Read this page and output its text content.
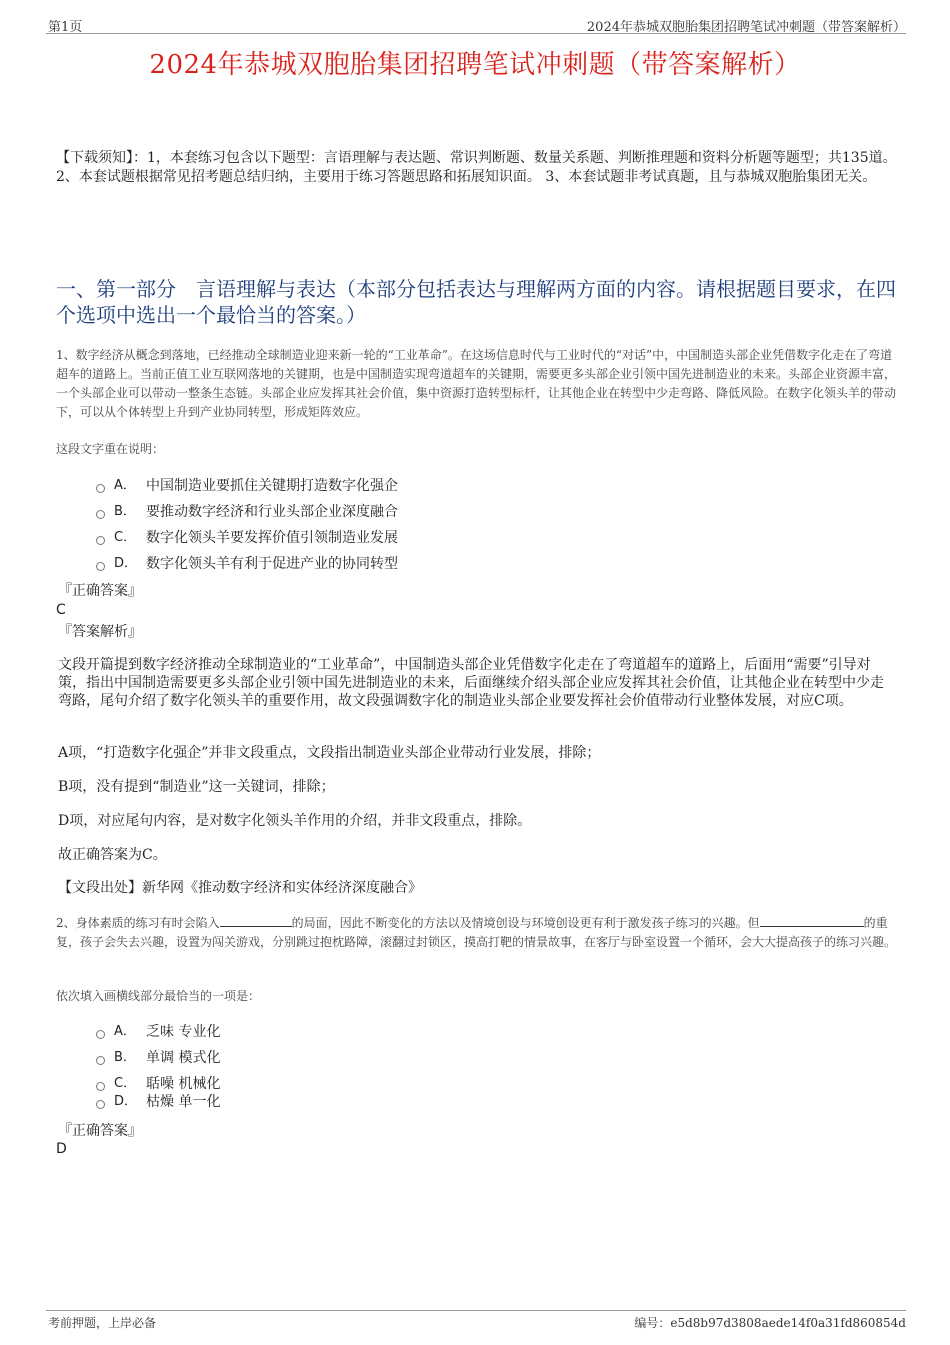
第1页	2024年恭城双胞胎集团招聘笔试冲刺题（带答案解析）
2024年恭城双胞胎集团招聘笔试冲刺题（带答案解析）
【下载须知】：1，本套练习包含以下题型：言语理解与表达题、常识判断题、数量关系题、判断推理题和资料分析题等题型；共135道。 2、本套试题根据常见招考题总结归纳，主要用于练习答题思路和拓展知识面。 3、本套试题非考试真题，且与恭城双胞胎集团无关。
一、第一部分　言语理解与表达（本部分包括表达与理解两方面的内容。请根据题目要求，在四个选项中选出一个最恰当的答案。）
1、数字经济从概念到落地，已经推动全球制造业迎来新一轮的“工业革命”。在这场信息时代与工业时代的“对话”中，中国制造头部企业凭借数字化走在了弯道超车的道路上。当前正值工业互联网落地的关键期，也是中国制造实现弯道超车的关键期，需要更多头部企业引领中国先进制造业的未来。头部企业资源丰富，一个头部企业可以带动一整条生态链。头部企业应发挥其社会价值，集中资源打造转型标杆，让其他企业在转型中少走弯路、降低风险。在数字化领头羊的带动下，可以从个体转型上升到产业协同转型，形成矩阵效应。
这段文字重在说明：
A． 中国制造业要抓住关键期打造数字化强企
B． 要推动数字经济和行业头部企业深度融合
C． 数字化领头羊要发挥价值引领制造业发展
D． 数字化领头羊有利于促进产业的协同转型
『正确答案』
C
『答案解析』
文段开篇提到数字经济推动全球制造业的“工业革命”，中国制造头部企业凭借数字化走在了弯道超车的道路上，后面用“需要”引导对策，指出中国制造需要更多头部企业引领中国先进制造业的未来，后面继续介绍头部企业应发挥其社会价值，让其他企业在转型中少走弯路，尾句介绍了数字化领头羊的重要作用，故文段强调数字化的制造业头部企业要发挥社会价值带动行业整体发展，对应C项。
A项，“打造数字化强企”并非文段重点，文段指出制造业头部企业带动行业发展，排除；
B项，没有提到“制造业”这一关键词，排除；
D项，对应尾句内容，是对数字化领头羊作用的介绍，并非文段重点，排除。
故正确答案为C。
【文段出处】新华网《推动数字经济和实体经济深度融合》
2、身体素质的练习有时会陷入	的局面，因此不断变化的方法以及情境创设与环境创设更有利于激发孩子练习的兴趣。但	的重复，孩子会失去兴趣，设置为闯关游戏，分别跳过抱枕路障，滚翻过封锁区，摸高打靶的情景故事，在客厅与卧室设置一个循环，会大大提高孩子的练习兴趣。
依次填入画横线部分最恰当的一项是：
A． 乏味 专业化
B． 单调 模式化
C． 聒噪 机械化
D． 枯燥 单一化
『正确答案』
D
考前押题，上岸必备	编号：e5d8b97d3808aede14f0a31fd860854d
